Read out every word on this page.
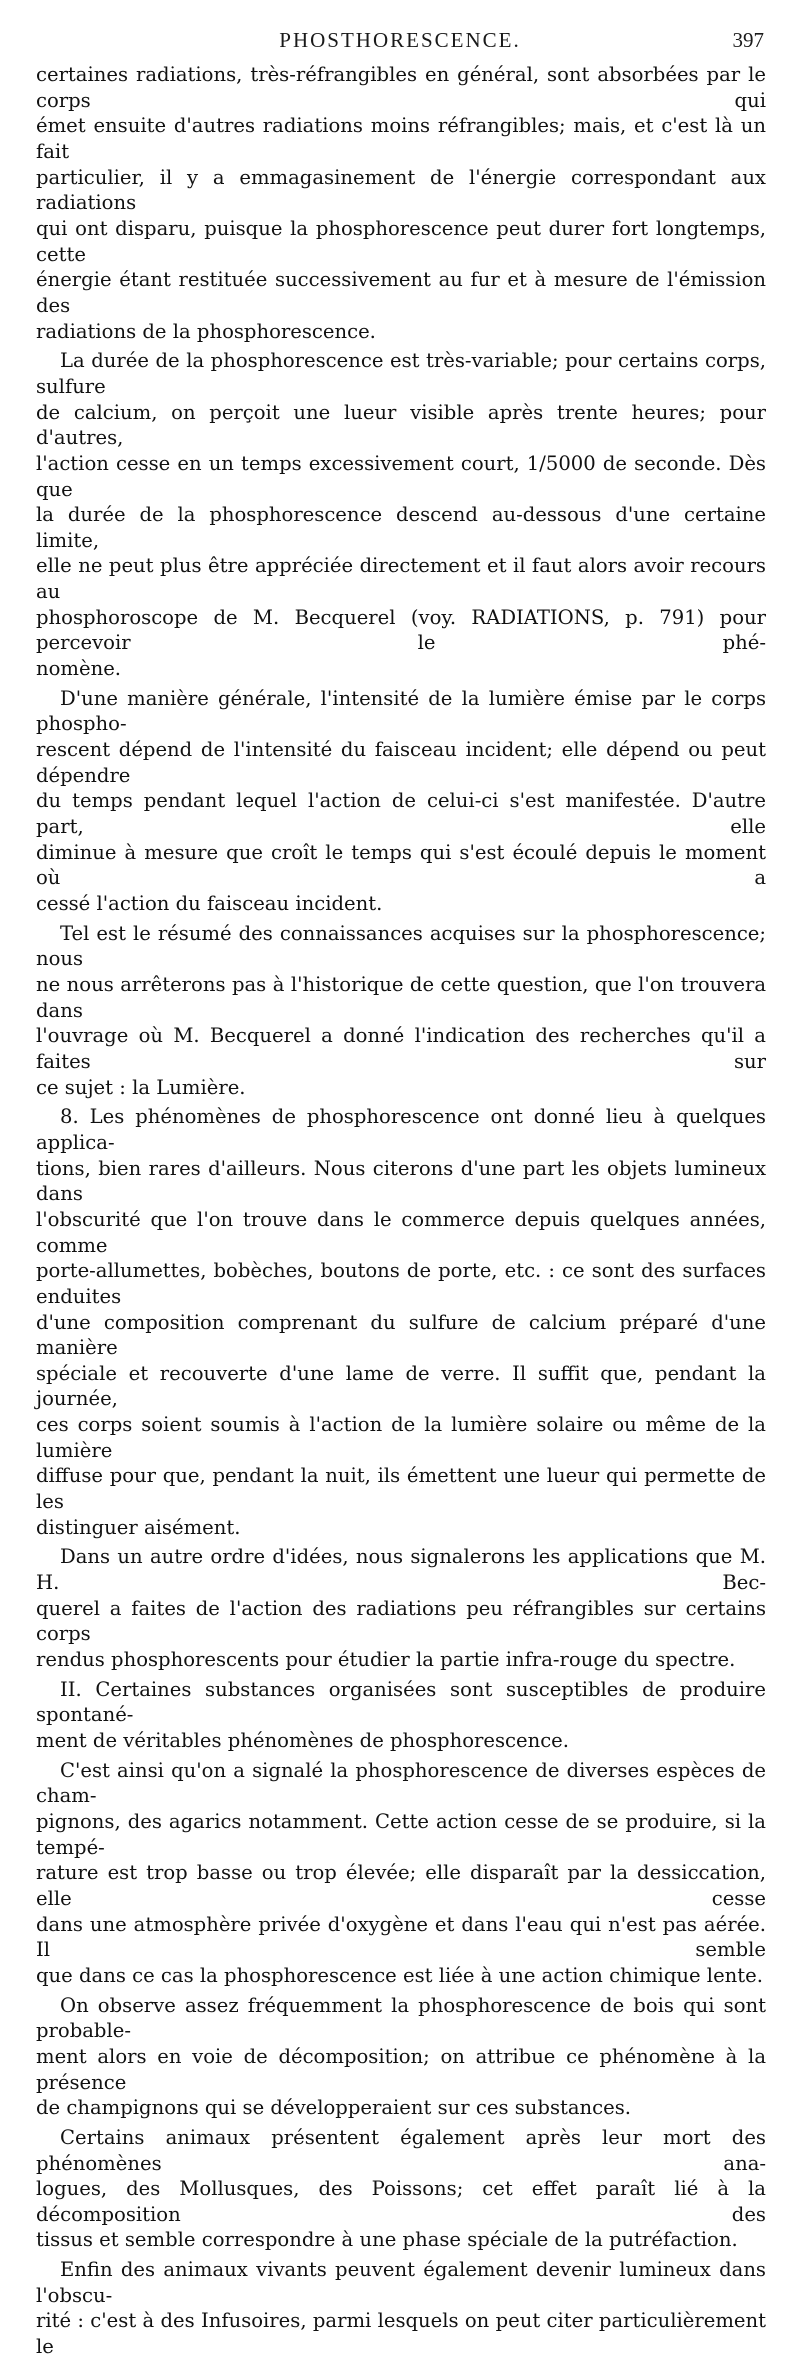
PHOSTHORESCENCE.	397
certaines radiations, très-réfrangibles en général, sont absorbées par le corps qui
émet ensuite d'autres radiations moins réfrangibles; mais, et c'est là un fait
particulier, il y a emmagasinement de l'énergie correspondant aux radiations
qui ont disparu, puisque la phosphorescence peut durer fort longtemps, cette
énergie étant restituée successivement au fur et à mesure de l'émission des
radiations de la phosphorescence.
La durée de la phosphorescence est très-variable; pour certains corps, sulfure
de calcium, on perçoit une lueur visible après trente heures; pour d'autres,
l'action cesse en un temps excessivement court, 1/5000 de seconde. Dès que
la durée de la phosphorescence descend au-dessous d'une certaine limite,
elle ne peut plus être appréciée directement et il faut alors avoir recours au
phosphoroscope de M. Becquerel (voy. RADIATIONS, p. 791) pour percevoir le phé-
nomène.
D'une manière générale, l'intensité de la lumière émise par le corps phospho-
rescent dépend de l'intensité du faisceau incident; elle dépend ou peut dépendre
du temps pendant lequel l'action de celui-ci s'est manifestée. D'autre part, elle
diminue à mesure que croît le temps qui s'est écoulé depuis le moment où a
cessé l'action du faisceau incident.
Tel est le résumé des connaissances acquises sur la phosphorescence; nous
ne nous arrêterons pas à l'historique de cette question, que l'on trouvera dans
l'ouvrage où M. Becquerel a donné l'indication des recherches qu'il a faites sur
ce sujet : la Lumière.
8. Les phénomènes de phosphorescence ont donné lieu à quelques applica-
tions, bien rares d'ailleurs. Nous citerons d'une part les objets lumineux dans
l'obscurité que l'on trouve dans le commerce depuis quelques années, comme
porte-allumettes, bobèches, boutons de porte, etc. : ce sont des surfaces enduites
d'une composition comprenant du sulfure de calcium préparé d'une manière
spéciale et recouverte d'une lame de verre. Il suffit que, pendant la journée,
ces corps soient soumis à l'action de la lumière solaire ou même de la lumière
diffuse pour que, pendant la nuit, ils émettent une lueur qui permette de les
distinguer aisément.
Dans un autre ordre d'idées, nous signalerons les applications que M. H. Bec-
querel a faites de l'action des radiations peu réfrangibles sur certains corps
rendus phosphorescents pour étudier la partie infra-rouge du spectre.
II. Certaines substances organisées sont susceptibles de produire spontané-
ment de véritables phénomènes de phosphorescence.
C'est ainsi qu'on a signalé la phosphorescence de diverses espèces de cham-
pignons, des agarics notamment. Cette action cesse de se produire, si la tempé-
rature est trop basse ou trop élevée; elle disparaît par la dessiccation, elle cesse
dans une atmosphère privée d'oxygène et dans l'eau qui n'est pas aérée. Il semble
que dans ce cas la phosphorescence est liée à une action chimique lente.
On observe assez fréquemment la phosphorescence de bois qui sont probable-
ment alors en voie de décomposition; on attribue ce phénomène à la présence
de champignons qui se développeraient sur ces substances.
Certains animaux présentent également après leur mort des phénomènes ana-
logues, des Mollusques, des Poissons; cet effet paraît lié à la décomposition des
tissus et semble correspondre à une phase spéciale de la putréfaction.
Enfin des animaux vivants peuvent également devenir lumineux dans l'obscu-
rité : c'est à des Infusoires, parmi lesquels on peut citer particulièrement le
